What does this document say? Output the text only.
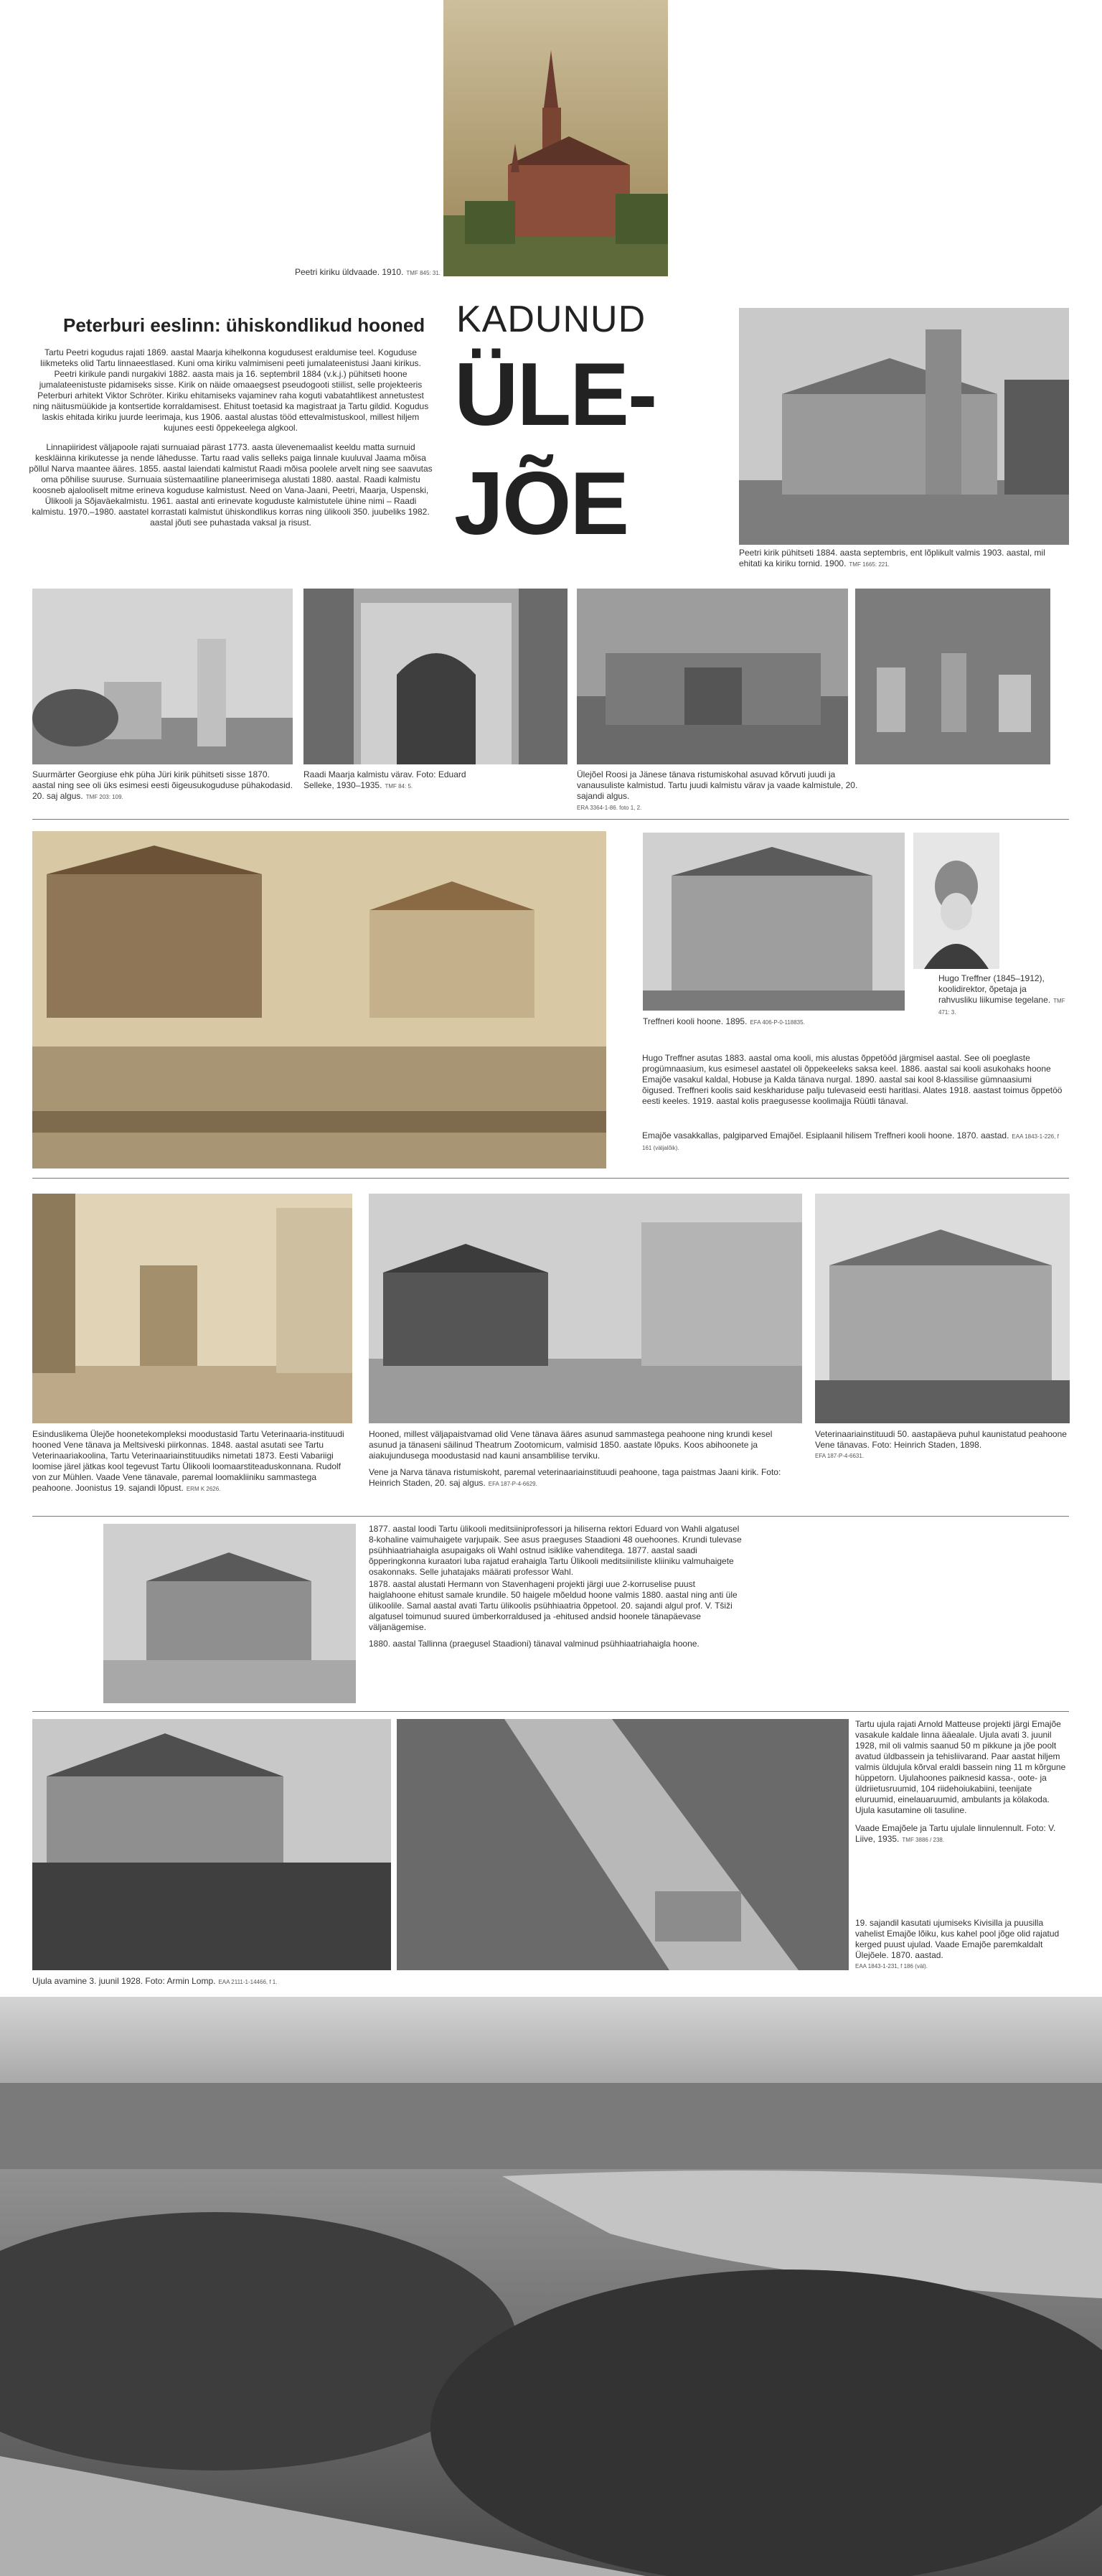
Peetri kiriku üldvaade. 1910. TMF 845: 31.
KADUNUD
ÜLE-
JÕE
Peterburi eeslinn: ühiskondlikud hooned

Tartu Peetri kogudus rajati 1869. aastal Maarja kihelkonna kogudusest eraldumise teel. Koguduse liikmeteks olid Tartu linnaeestlased. Kuni oma kiriku valmimiseni peeti jumalateenistusi Jaani kirikus. Peetri kirikule pandi nurgakivi 1882. aasta mais ja 16. septembril 1884 (v.k.j.) pühitseti hoone jumalateenistuste pidamiseks sisse. Kirik on näide omaaegsest pseudogooti stiilist, selle projekteeris Peterburi arhitekt Viktor Schröter. Kiriku ehitamiseks vajaminev raha koguti vabatahtlikest annetustest ning näitusmüükide ja kontsertide korraldamisest. Ehitust toetasid ka magistraat ja Tartu gildid. Kogudus laskis ehitada kiriku juurde leerimaja, kus 1906. aastal alustas tööd ettevalmistuskool, millest hiljem kujunes eesti õppekeelega algkool.

Linnapiiridest väljapoole rajati surnuaiad pärast 1773. aasta ülevenemaalist keeldu matta surnuid keskläinna kirikutesse ja nende lähedusse. Tartu raad valis selleks paiga linnale kuuluval Jaama mõisa põllul Narva maantee ääres. 1855. aastal laiendati kalmistut Raadi mõisa poolele arvelt ning see saavutas oma põhilise suuruse. Surnuaia süstemaatiline planeerimisega alustati 1880. aastal. Raadi kalmistu koosneb ajalooliselt mitme erineva koguduse kalmistust. Need on Vana-Jaani, Peetri, Maarja, Uspenski, Ülikooli ja Sõjaväekalmistu. 1961. aastal anti erinevate koguduste kalmistutele ühine nimi – Raadi kalmistu. 1970.–1980. aastatel korrastati kalmistut ühiskondlikus korras ning ülikooli 350. juubeliks 1982. aastal jõuti see puhastada vaksal ja risust.

Peetri kirik pühitseti 1884. aasta septembris, ent lõplikult valmis 1903. aastal, mil ehitati ka kiriku tornid. 1900. TMF 1665: 221.
Suurmärter Georgiuse ehk püha Jüri kirik pühitseti sisse 1870. aastal ning see oli üks esimesi eesti õigeusukoguduse pühakodasid. 20. saj algus. TMF 203: 109.
Raadi Maarja kalmistu värav. Foto: Eduard Selleke, 1930–1935. TMF 84: 5.
Ülejõel Roosi ja Jänese tänava ristumiskohal asuvad kõrvuti juudi ja vanausuliste kalmistud. Tartu juudi kalmistu värav ja vaade kalmistule, 20. sajandi algus.
ERA 3364-1-86. foto 1, 2.
Treffneri kooli hoone. 1895. EFA 406-P-0-118835.
Hugo Treffner (1845–1912), koolidirektor, õpetaja ja rahvusliku liikumise tegelane. TMF 471: 3.
Hugo Treffner asutas 1883. aastal oma kooli, mis alustas õppetööd järgmisel aastal. See oli poeglaste progümnaasium, kus esimesel aastatel oli õppekeeleks saksa keel. 1886. aastal sai kooli asukohaks hoone Emajõe vasakul kaldal, Hobuse ja Kalda tänava nurgal. 1890. aastal sai kool 8-klassilise gümnaasiumi õigused. Treffneri koolis said keskhariduse palju tulevaseid eesti haritlasi. Alates 1918. aastast toimus õppetöö eesti keeles. 1919. aastal kolis praegusesse koolimajja Rüütli tänaval.
Emajõe vasakkallas, palgiparved Emajõel. Esiplaanil hilisem Treffneri kooli hoone. 1870. aastad. EAA 1843-1-226, f 161 (väljalõik).
Esinduslikema Ülejõe hoonetekompleksi moodustasid Tartu Veterinaaria-instituudi hooned Vene tänava ja Meltsiveski piirkonnas. 1848. aastal asutati see Tartu Veterinaariakoolina, Tartu Veterinaariainstituudiks nimetati 1873. Eesti Vabariigi loomise järel jätkas kool tegevust Tartu Ülikooli loomaarstiteaduskonnana. Rudolf von zur Mühlen. Vaade Vene tänavale, paremal loomakliiniku sammastega peahoone. Joonistus 19. sajandi lõpust. ERM K 2626.
Hooned, millest väljapaistvamad olid Vene tänava ääres asunud sammastega peahoone ning krundi kesel asunud ja tänaseni säilinud Theatrum Zootomicum, valmisid 1850. aastate lõpuks. Koos abihoonete ja aiakujundusega moodustasid nad kauni ansamblilise terviku.
Vene ja Narva tänava ristumiskoht, paremal veterinaariainstituudi peahoone, taga paistmas Jaani kirik. Foto: Heinrich Staden, 20. saj algus. EFA 187-P-4-6629.
Veterinaariainstituudi 50. aastapäeva puhul kaunistatud peahoone Vene tänavas. Foto: Heinrich Staden, 1898.
EFA 187-P-4-6631.
1877. aastal loodi Tartu ülikooli meditsiiniprofessori ja hiliserna rektori Eduard von Wahli algatusel 8-kohaline vaimuhaigete varjupaik. See asus praeguses Staadioni 48 ouehoones. Krundi tulevase psühhiaatriahaigla asupaigaks oli Wahl ostnud isiklike vahenditega. 1877. aastal saadi õpperingkonna kuraatori luba rajatud erahaigla Tartu Ülikooli meditsiiniliste kliiniku valmuhaigete osakonnaks. Selle juhatajaks määrati professor Wahl.
1878. aastal alustati Hermann von Stavenhageni projekti järgi uue 2-korruselise puust haiglahoone ehitust samale krundile. 50 haigele mõeldud hoone valmis 1880. aastal ning anti üle ülikoolile. Samal aastal avati Tartu ülikoolis psühhiaatria õppetool. 20. sajandi algul prof. V. Tšiži algatusel toimunud suured ümberkorraldused ja -ehitused andsid hoonele tänapäevase väljanägemise.
1880. aastal Tallinna (praegusel Staadioni) tänaval valminud psühhiaatriahaigla hoone.
Tartu ujula rajati Arnold Matteuse projekti järgi Emajõe vasakule kaldale linna ääealale. Ujula avati 3. juunil 1928, mil oli valmis saanud 50 m pikkune ja jõe poolt avatud üldbassein ja tehisliivarand. Paar aastat hiljem valmis üldujula kõrval eraldi bassein ning 11 m kõrgune hüppetorn. Ujulahoones paiknesid kassa-, oote- ja üldriietusruumid, 104 riidehoiukabiini, teenijate eluruumid, einelauaruumid, ambulants ja kölakoda. Ujula kasutamine oli tasuline.
Vaade Emajõele ja Tartu ujulale linnulennult. Foto: V. Liive, 1935. TMF 3886 / 238.
19. sajandil kasutati ujumiseks Kivisilla ja puusilla vahelist Emajõe lõiku, kus kahel pool jõge olid rajatud kerged puust ujulad. Vaade Emajõe paremkaldalt Ülejõele. 1870. aastad.
EAA 1843-1-231, f 186 (väl).
Ujula avamine 3. juunil 1928. Foto: Armin Lomp. EAA 2111-1-14466, f 1.
